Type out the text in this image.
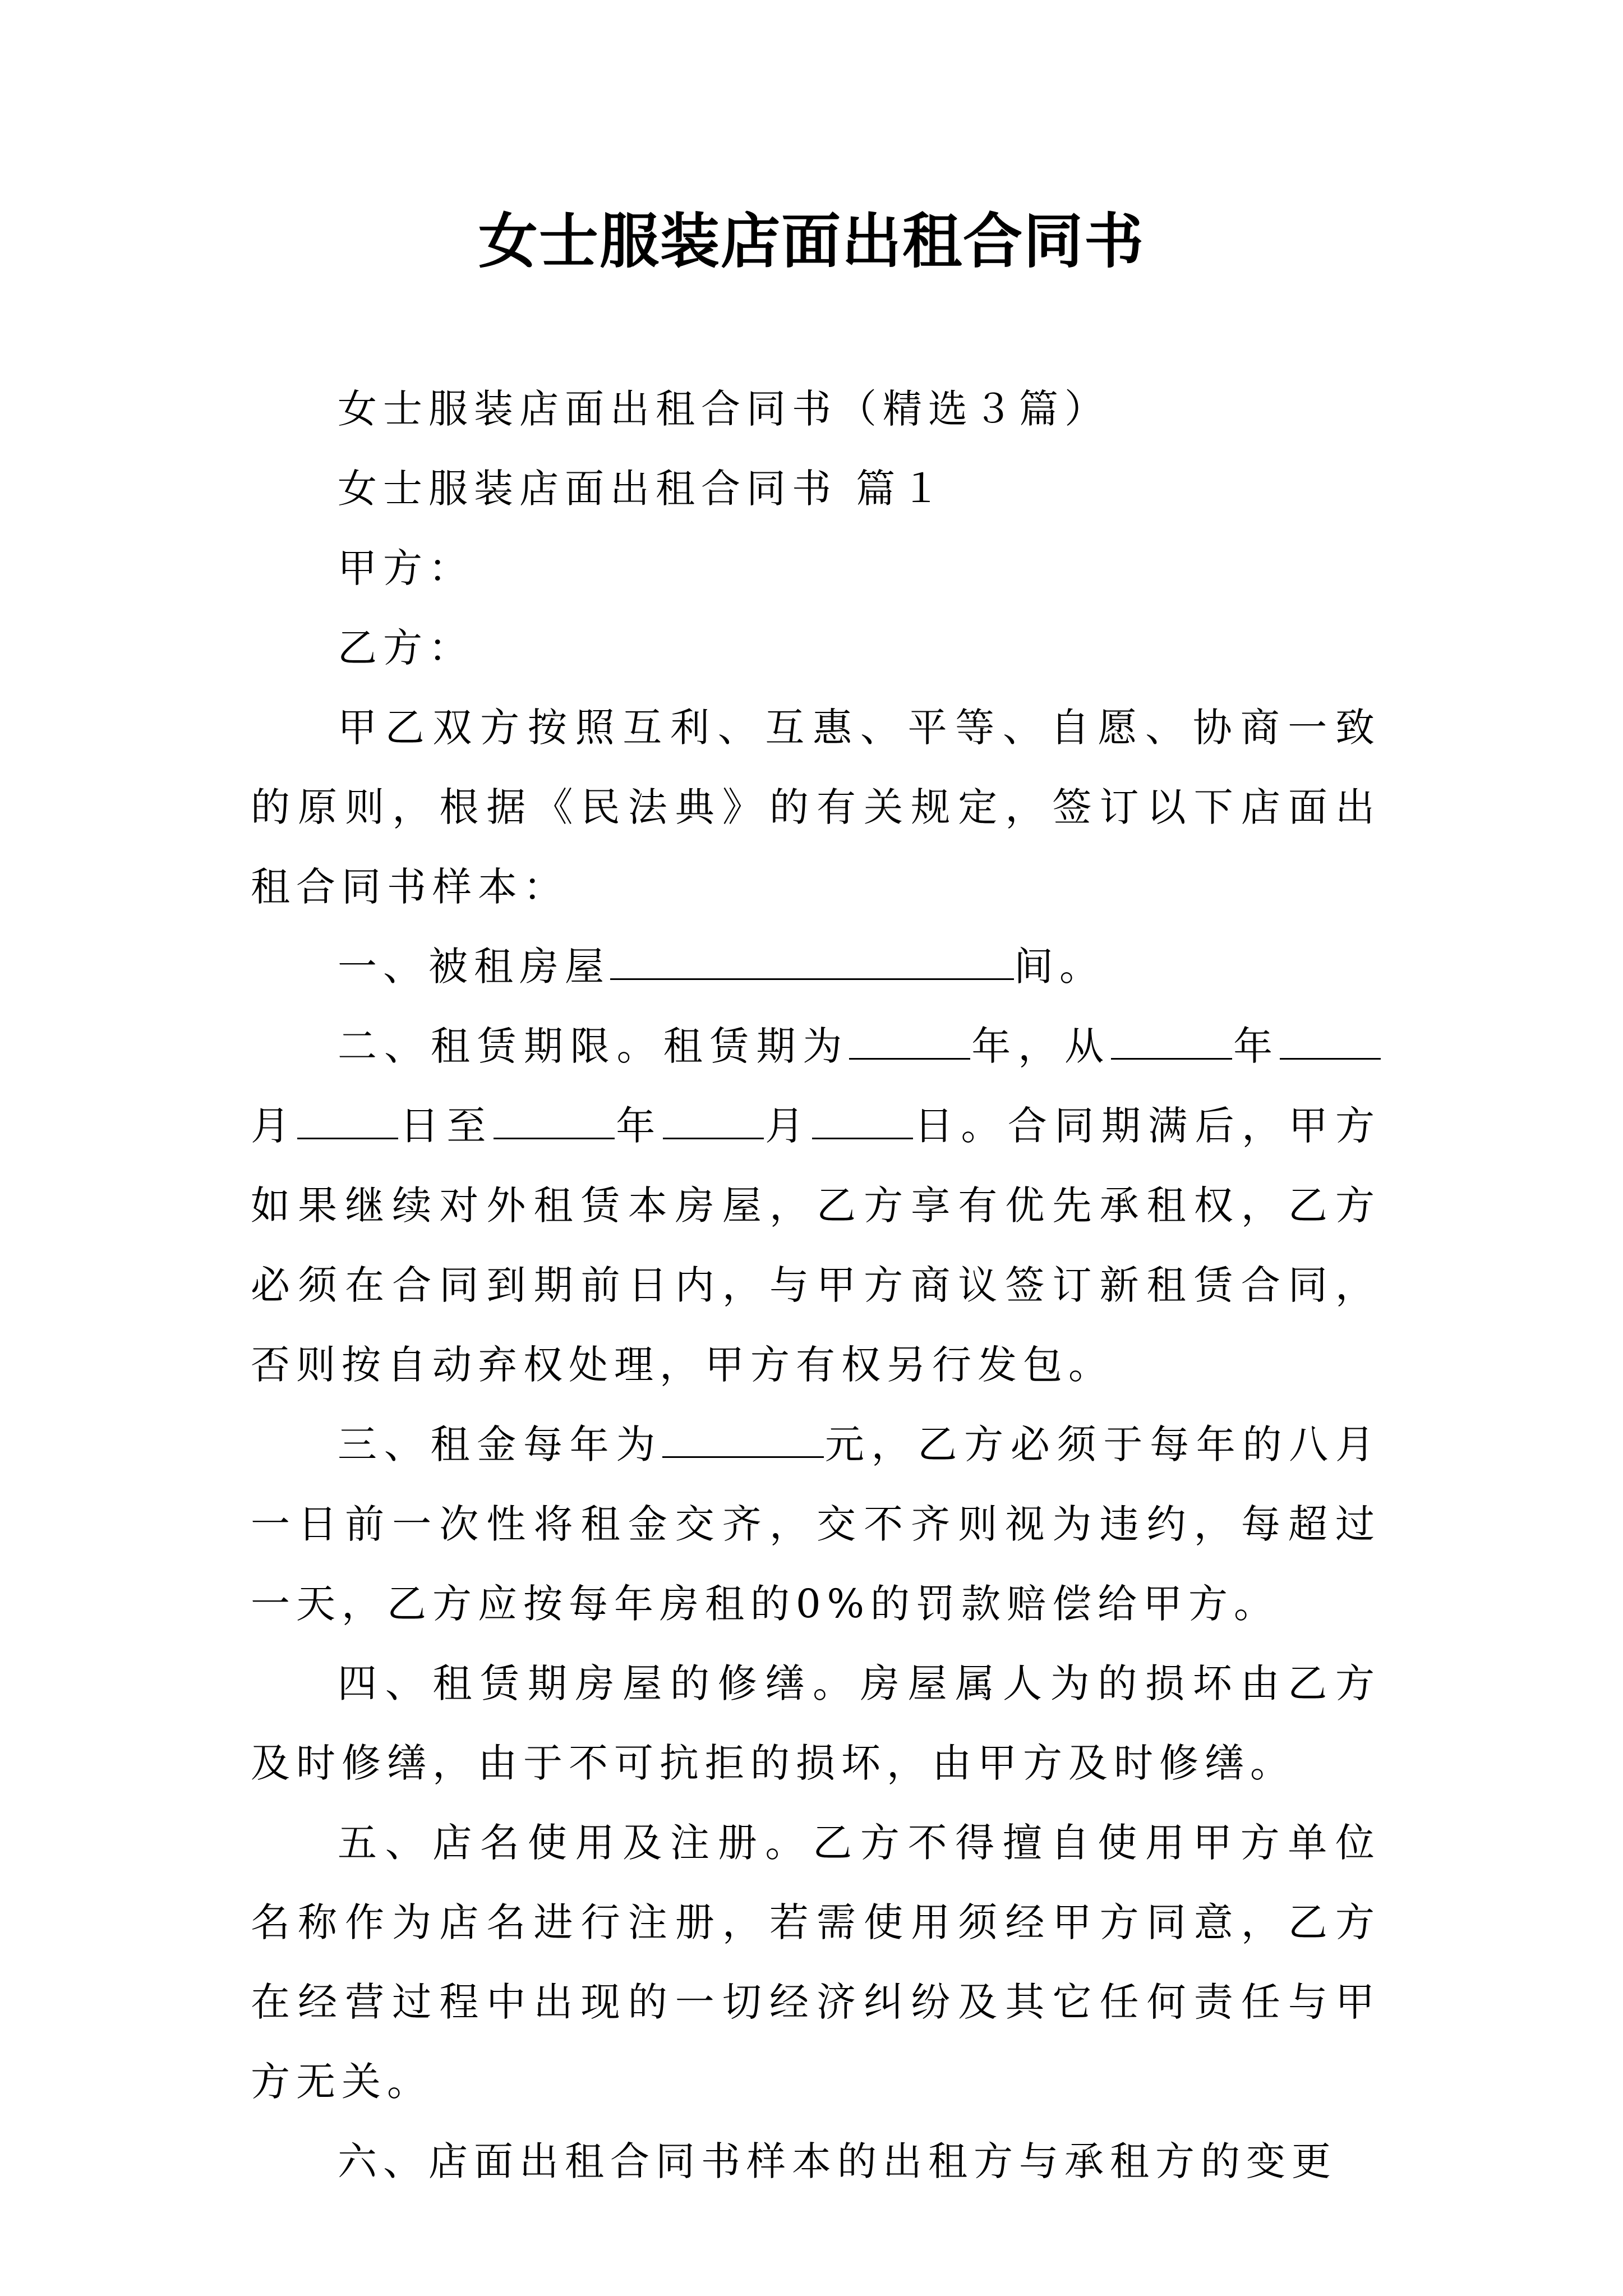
女士服装店面出租合同书

女士服装店面出租合同书（精选３篇）

女士服装店面出租合同书 篇１

甲方：

乙方：

甲乙双方按照互利、互惠、平等、自愿、协商一致的原则，根据《民法典》的有关规定，签订以下店面出租合同书样本：

一、被租房屋	间。

二、租赁期限。租赁期为	年，从	年月	日至	年	月	日。合同期满后，甲方如果继续对外租赁本房屋，乙方享有优先承租权，乙方必须在合同到期前日内，与甲方商议签订新租赁合同，否则按自动弃权处理，甲方有权另行发包。

三、租金每年为	元，乙方必须于每年的八月一日前一次性将租金交齐，交不齐则视为违约，每超过一天，乙方应按每年房租的0%的罚款赔偿给甲方。

四、租赁期房屋的修缮。房屋属人为的损坏由乙方及时修缮，由于不可抗拒的损坏，由甲方及时修缮。

五、店名使用及注册。乙方不得擅自使用甲方单位名称作为店名进行注册，若需使用须经甲方同意，乙方在经营过程中出现的一切经济纠纷及其它任何责任与甲方无关。

六、店面出租合同书样本的出租方与承租方的变更
